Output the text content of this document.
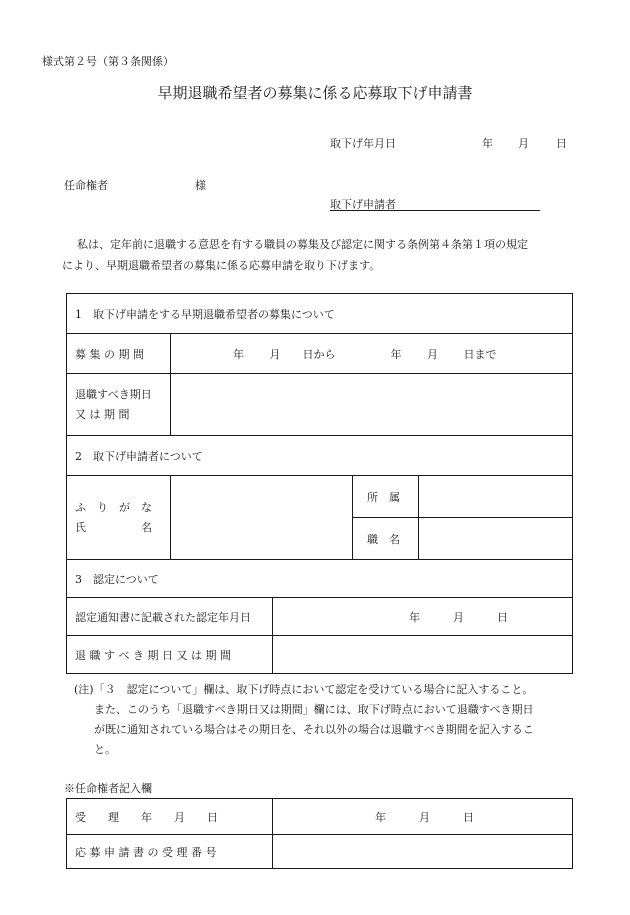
様式第２号（第３条関係）
早期退職希望者の募集に係る応募取下げ申請書
取下げ年月日	年 月 日
任命権者	様
取下げ申請者
私は、定年前に退職する意思を有する職員の募集及び認定に関する条例第４条第１項の規定
により、早期退職希望者の募集に係る応募申請を取り下げます。
1　取下げ申請をする早期退職希望者の募集について				
募 集 の 期 間	年　　 月　　日から　　　　　年　　 月　　 日まで			

退職すべき期日
又 は 期 間				

2　取下げ申請者について				

ふ　り　が　な
氏　　　　　名			所　属	
			職　名	
3　認定について				
認定通知書に記載された認定年月日		年　　　月　　　日		
退 職 す べ き 期 日 又 は 期 間				
(注)「３　認定について」欄は、取下げ時点において認定を受けている場合に記入すること。
また、このうち「退職すべき期日又は期間」欄には、取下げ時点において退職すべき期日
が既に通知されている場合はその期日を、それ以外の場合は退職すべき期間を記入するこ
と。
※任命権者記入欄
受　　理　　年　　月　　日	年　　　月　　　日
応 募 申 請 書 の 受 理 番 号	
